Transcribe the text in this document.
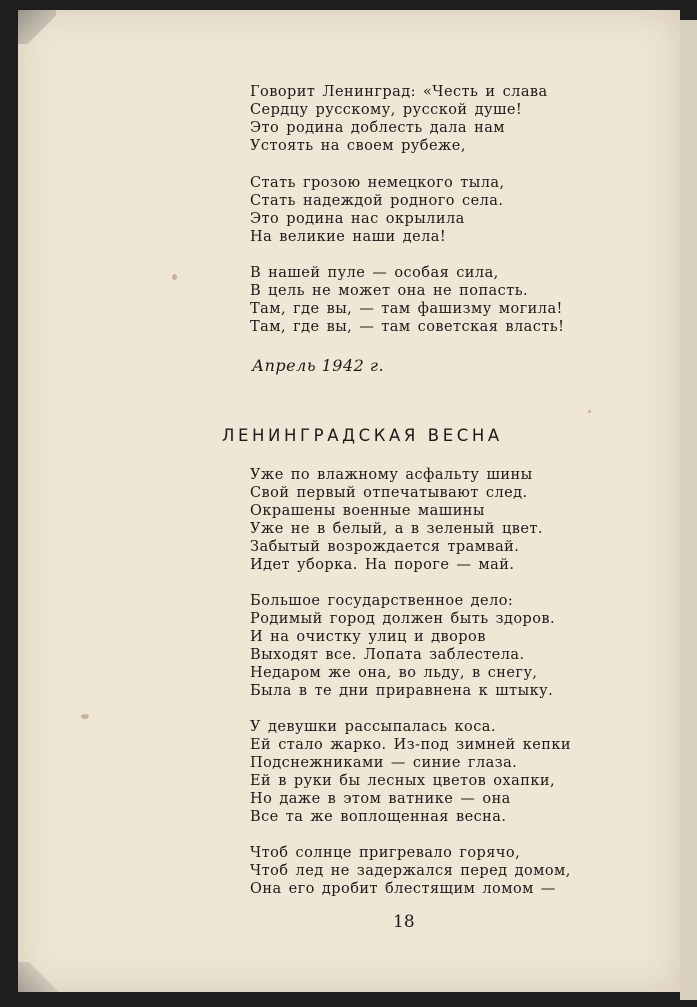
Говорит Ленинград: «Честь и слава
Сердцу русскому, русской душе!
Это родина доблесть дала нам
Устоять на своем рубеже,
Стать грозою немецкого тыла,
Стать надеждой родного села.
Это родина нас окрылила
На великие наши дела!
В нашей пуле — особая сила,
В цель не может она не попасть.
Там, где вы, — там фашизму могила!
Там, где вы, — там советская власть!
Апрель 1942 г.
ЛЕНИНГРАДСКАЯ ВЕСНА
Уже по влажному асфальту шины
Свой первый отпечатывают след.
Окрашены военные машины
Уже не в белый, а в зеленый цвет.
Забытый возрождается трамвай.
Идет уборка. На пороге — май.
Большое государственное дело:
Родимый город должен быть здоров.
И на очистку улиц и дворов
Выходят все. Лопата заблестела.
Недаром же она, во льду, в снегу,
Была в те дни приравнена к штыку.
У девушки рассыпалась коса.
Ей стало жарко. Из-под зимней кепки
Подснежниками — синие глаза.
Ей в руки бы лесных цветов охапки,
Но даже в этом ватнике — она
Все та же воплощенная весна.
Чтоб солнце пригревало горячо,
Чтоб лед не задержался перед домом,
Она его дробит блестящим ломом —
18
